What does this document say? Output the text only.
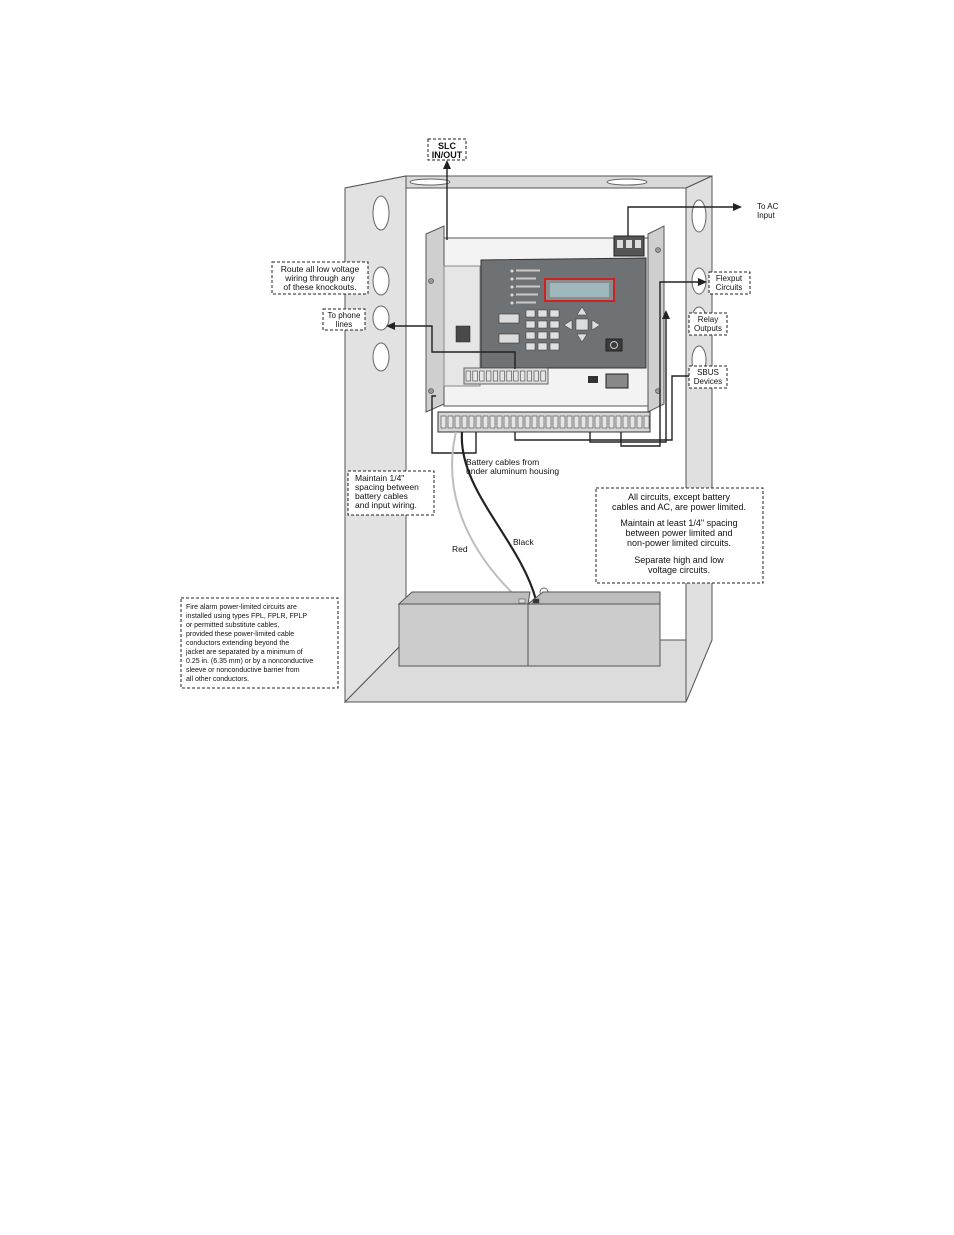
SLC
IN/OUT
To AC
Input
Route all low voltage
wiring through any
of these knockouts.
To phone
lines
Flexput
Circuits
Relay
Outputs
SBUS
Devices
Battery cables from
under aluminum housing
Maintain 1/4"
spacing between
battery cables
and input wiring.
All circuits, except battery
cables and AC, are power limited.
Maintain at least 1/4" spacing
between power limited and
non-power limited circuits.
Separate high and low
voltage circuits.
Red
Black
Fire alarm power-limited circuits are
installed using types FPL, FPLR, FPLP
or permitted substitute cables,
provided these power-limited cable
conductors extending beyond the
jacket are separated by a minimum of
0.25 in. (6.35 mm) or by a nonconductive
sleeve or nonconductive barrier from
all other conductors.
